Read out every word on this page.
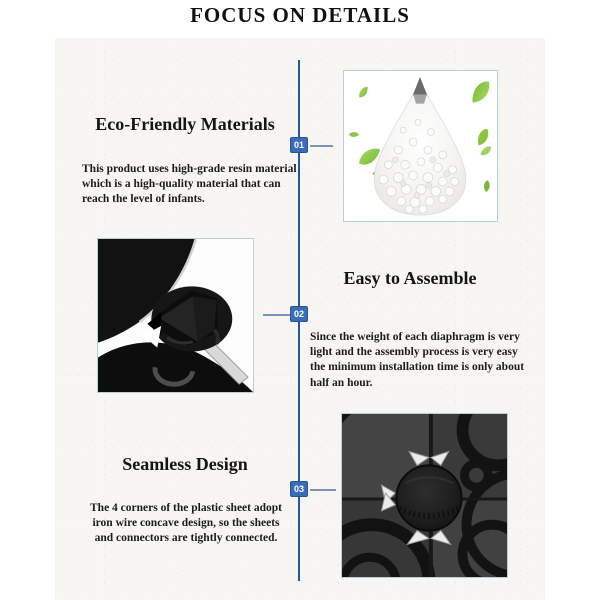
FOCUS ON DETAILS
01
02
03
Eco-Friendly Materials
This product uses high-grade resin material
which is a high-quality material that can
reach the level of infants.
Easy to Assemble
Since the weight of each diaphragm is very
light and the assembly process is very easy
the minimum installation time is only about
half an hour.
Seamless Design
The 4 corners of the plastic sheet adopt
iron wire concave design, so the sheets
and connectors are tightly connected.
